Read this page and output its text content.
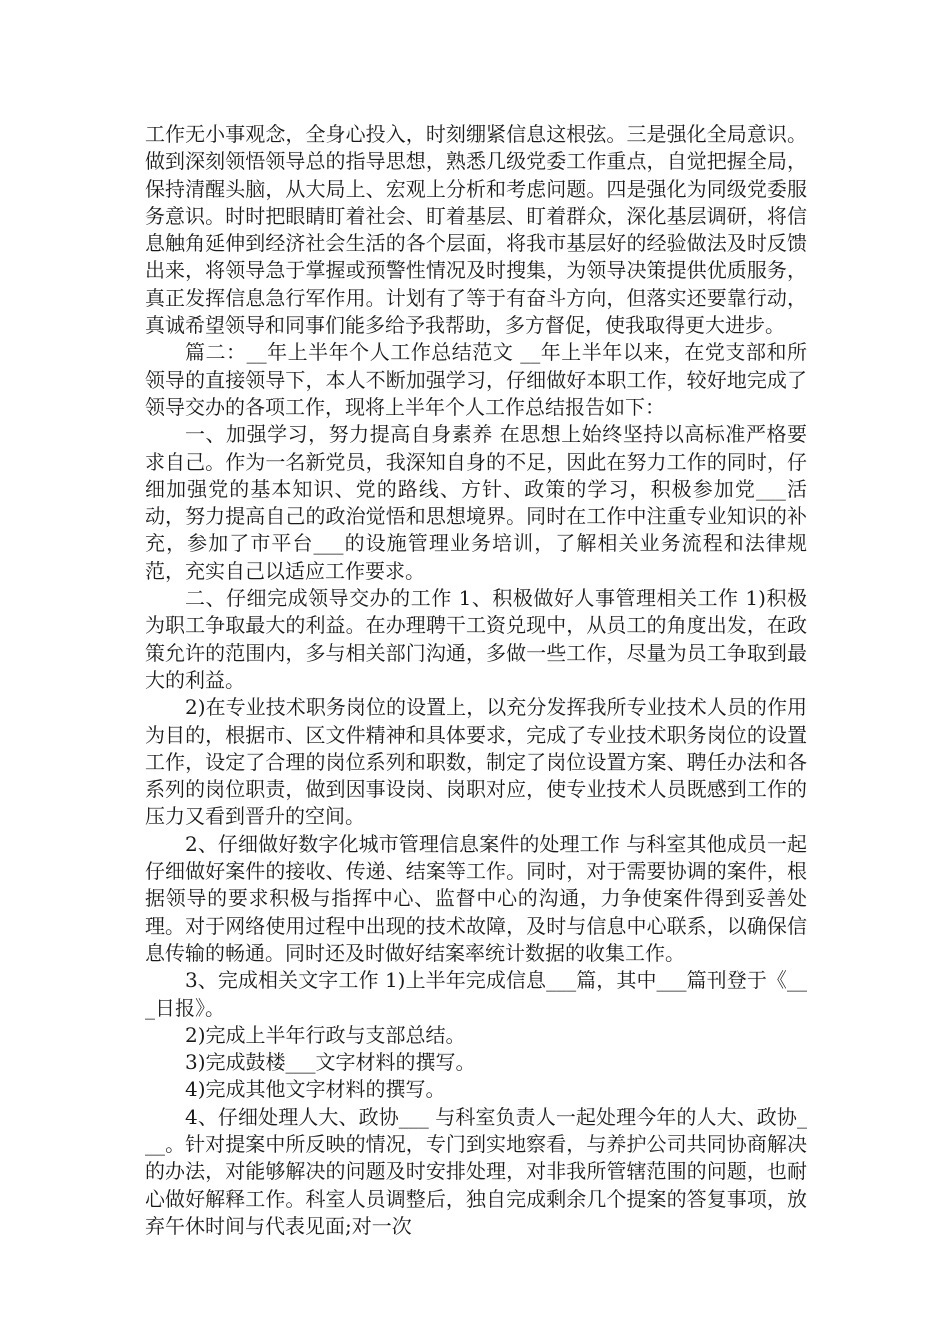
工作无小事观念，全身心投入，时刻绷紧信息这根弦。三是强化全局意识。做到深刻领悟领导总的指导思想，熟悉几级党委工作重点，自觉把握全局，保持清醒头脑，从大局上、宏观上分析和考虑问题。四是强化为同级党委服务意识。时时把眼睛盯着社会、盯着基层、盯着群众，深化基层调研，将信息触角延伸到经济社会生活的各个层面，将我市基层好的经验做法及时反馈出来，将领导急于掌握或预警性情况及时搜集，为领导决策提供优质服务，真正发挥信息急行军作用。计划有了等于有奋斗方向，但落实还要靠行动，真诚希望领导和同事们能多给予我帮助，多方督促，使我取得更大进步。

篇二：__年上半年个人工作总结范文 __年上半年以来，在党支部和所领导的直接领导下，本人不断加强学习，仔细做好本职工作，较好地完成了领导交办的各项工作，现将上半年个人工作总结报告如下：

一、加强学习，努力提高自身素养 在思想上始终坚持以高标准严格要求自己。作为一名新党员，我深知自身的不足，因此在努力工作的同时，仔细加强党的基本知识、党的路线、方针、政策的学习，积极参加党___活动，努力提高自己的政治觉悟和思想境界。同时在工作中注重专业知识的补充，参加了市平台___的设施管理业务培训，了解相关业务流程和法律规范，充实自己以适应工作要求。

二、仔细完成领导交办的工作 1、积极做好人事管理相关工作 1)积极为职工争取最大的利益。在办理聘干工资兑现中，从员工的角度出发，在政策允许的范围内，多与相关部门沟通，多做一些工作，尽量为员工争取到最大的利益。

2)在专业技术职务岗位的设置上，以充分发挥我所专业技术人员的作用为目的，根据市、区文件精神和具体要求，完成了专业技术职务岗位的设置工作，设定了合理的岗位系列和职数，制定了岗位设置方案、聘任办法和各系列的岗位职责，做到因事设岗、岗职对应，使专业技术人员既感到工作的压力又看到晋升的空间。

2、仔细做好数字化城市管理信息案件的处理工作 与科室其他成员一起仔细做好案件的接收、传递、结案等工作。同时，对于需要协调的案件，根据领导的要求积极与指挥中心、监督中心的沟通，力争使案件得到妥善处理。对于网络使用过程中出现的技术故障，及时与信息中心联系，以确保信息传输的畅通。同时还及时做好结案率统计数据的收集工作。

3、完成相关文字工作 1)上半年完成信息___篇，其中___篇刊登于《___日报》。

2)完成上半年行政与支部总结。

3)完成鼓楼___文字材料的撰写。

4)完成其他文字材料的撰写。

4、仔细处理人大、政协___ 与科室负责人一起处理今年的人大、政协___。针对提案中所反映的情况，专门到实地察看，与养护公司共同协商解决的办法，对能够解决的问题及时安排处理，对非我所管辖范围的问题，也耐心做好解释工作。科室人员调整后，独自完成剩余几个提案的答复事项，放弃午休时间与代表见面;对一次
